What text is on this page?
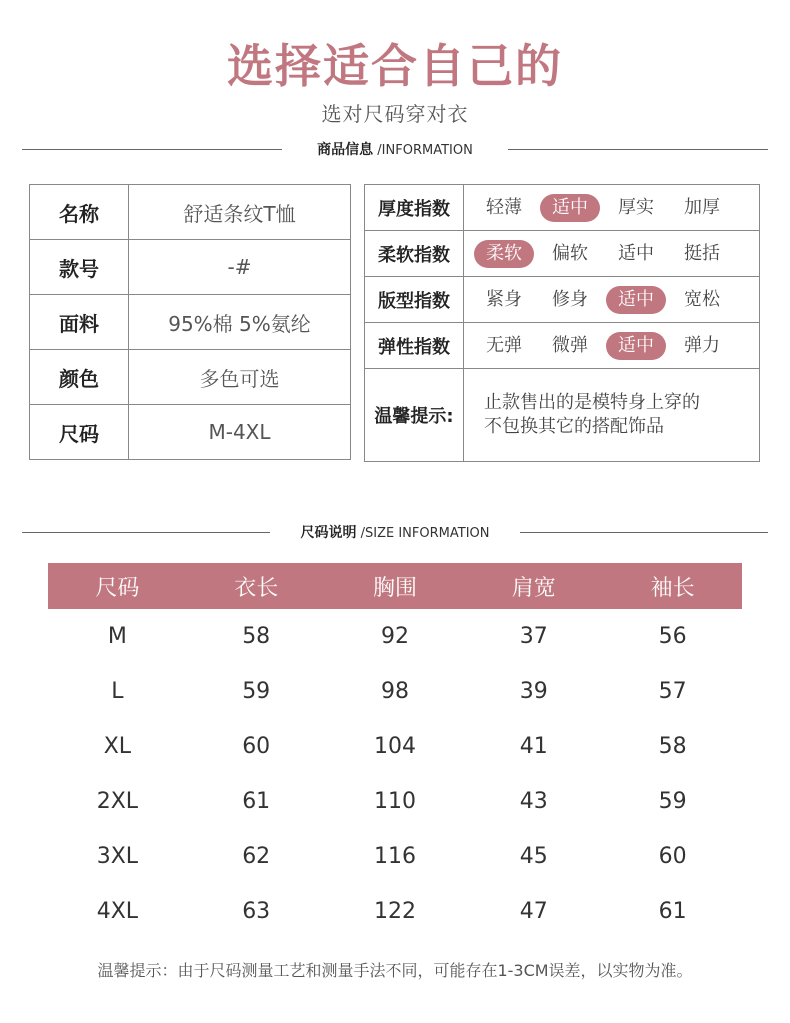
选择适合自己的
选对尺码穿对衣
商品信息 /INFORMATION
名称	舒适条纹T恤
款号	-#
面料	95%棉 5%氨纶
颜色	多色可选
尺码	M-4XL
厚度指数	轻薄 适中 厚实 加厚
柔软指数	柔软 偏软 适中 挺括
版型指数	紧身 修身 适中 宽松
弹性指数	无弹 微弹 适中 弹力
温馨提示:	止款售出的是模特身上穿的
不包换其它的搭配饰品
尺码说明 /SIZE INFORMATION
尺码	衣长	胸围	肩宽	袖长
M	58	92	37	56
L	59	98	39	57
XL	60	104	41	58
2XL	61	110	43	59
3XL	62	116	45	60
4XL	63	122	47	61
温馨提示：由于尺码测量工艺和测量手法不同，可能存在1-3CM误差，以实物为准。
